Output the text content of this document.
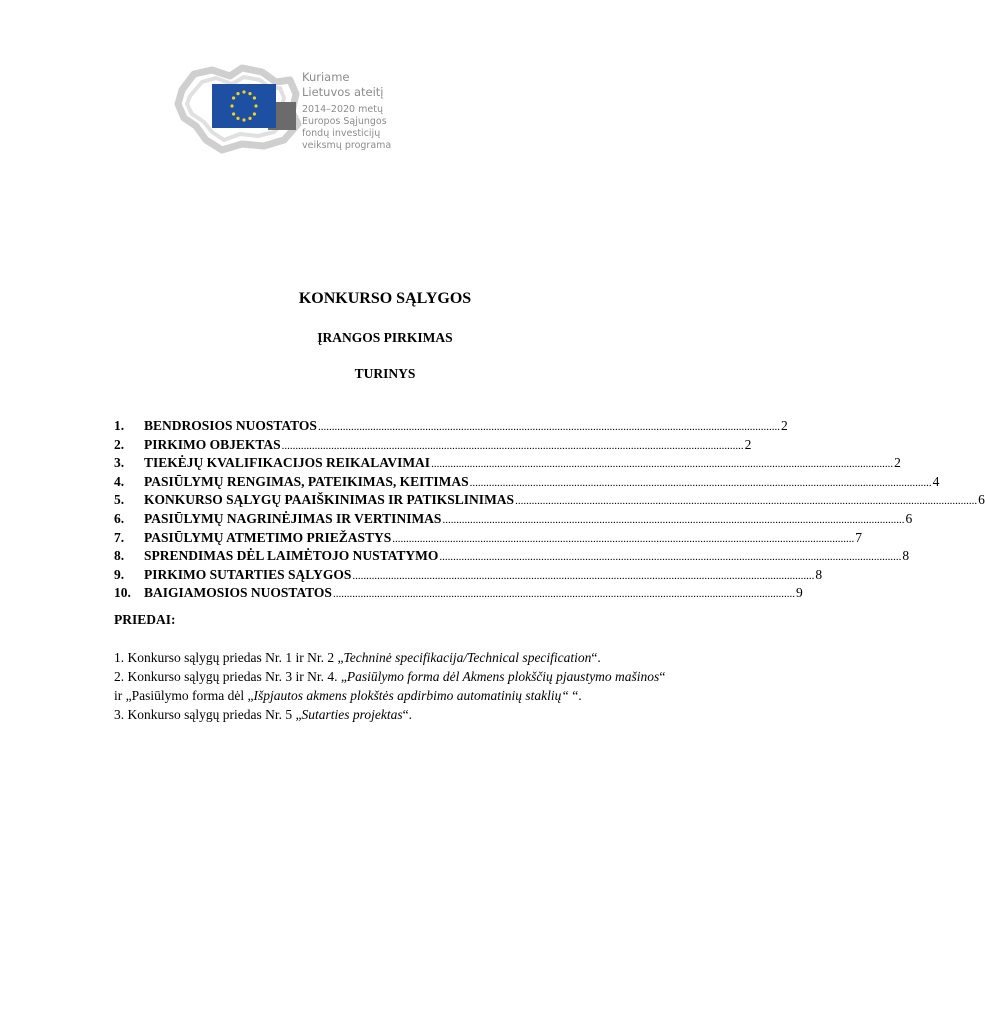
Kuriame
Lietuvos ateitį
2014–2020 metų
Europos Sąjungos
fondų investicijų
veiksmų programa
KONKURSO SĄLYGOS
ĮRANGOS PIRKIMAS
TURINYS
1.	BENDROSIOS NUOSTATOS ........................................................................................................................................................................ 2
2.	PIRKIMO OBJEKTAS ........................................................................................................................................................................ 2
3.	TIEKĖJŲ KVALIFIKACIJOS REIKALAVIMAI ........................................................................................................................................................................ 2
4.	PASIŪLYMŲ RENGIMAS, PATEIKIMAS, KEITIMAS ........................................................................................................................................................................ 4
5.	KONKURSO SĄLYGŲ PAAIŠKINIMAS IR PATIKSLINIMAS ........................................................................................................................................................................ 6
6.	PASIŪLYMŲ NAGRINĖJIMAS IR VERTINIMAS ........................................................................................................................................................................ 6
7.	PASIŪLYMŲ ATMETIMO PRIEŽASTYS ........................................................................................................................................................................ 7
8.	SPRENDIMAS DĖL LAIMĖTOJO NUSTATYMO ........................................................................................................................................................................ 8
9.	PIRKIMO SUTARTIES SĄLYGOS ........................................................................................................................................................................ 8
10. BAIGIAMOSIOS NUOSTATOS ........................................................................................................................................................................ 9
PRIEDAI:

1. Konkurso sąlygų priedas Nr. 1 ir Nr. 2 „Techninė specifikacija/Technical specification“.

2. Konkurso sąlygų priedas Nr. 3 ir Nr. 4. „Pasiūlymo forma dėl Akmens plokščių pjaustymo mašinos“

ir „Pasiūlymo forma dėl „Išpjautos akmens plokštės apdirbimo automatinių staklių“ “.

3. Konkurso sąlygų priedas Nr. 5 „Sutarties projektas“.
